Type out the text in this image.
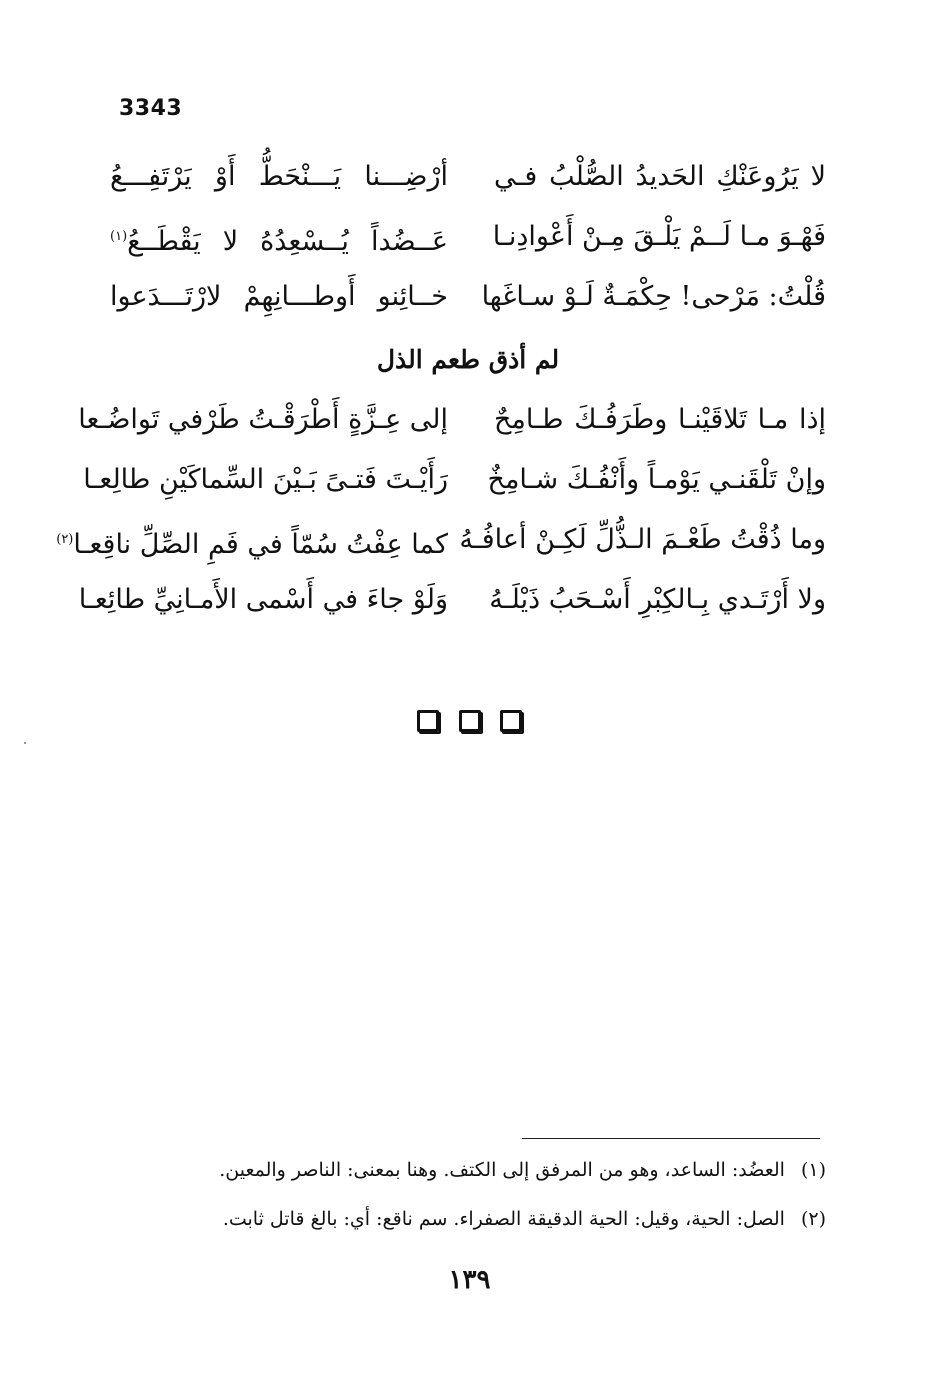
3343
لا يَرُوعَنْكِ الحَديدُ الصُّلْبُ فـي
أرْضِـــنا يَـــنْحَطُّ أَوْ يَرْتَفِـــعُ
فَهْـوَ مـا لَــمْ يَلْـقَ مِـنْ أَعْوادِنـا
عَــضُداً يُــسْعِدُهُ لا يَقْطَــعُ$^{(١)}$
قُلْتُ: مَرْحى! حِكْمَـةٌ لَـوْ سـاغَها
خــائِنو أَوطـــانِهِمْ لارْتَـــدَعوا
لم أذق طعم الذل
إذا مـا تَلاقَيْنـا وطَرَفُـكَ طـامِحٌ
إلى عِـزَّةٍ أَطْرَقْـتُ طَرْفي تَواضُـعا
وإنْ تَلْقَنـي يَوْمـاً وأَنْفُـكَ شـامِخٌ
رَأَيْـتَ فَتـىً بَـيْنَ السِّماكَيْنِ طالِعـا
وما ذُقْتُ طَعْـمَ الـذُّلِّ لَكِـنْ أعافُـهُ
كما عِفْتُ سُمّاً في فَمِ الصِّلِّ ناقِعـا$^{(٢)}$
ولا أَرْتَـدي بِـالكِبْرِ أَسْـحَبُ ذَيْلَـهُ
وَلَوْ جاءَ في أَسْمى الأَمـانِيِّ طائِعـا

(١)العضُد: الساعد، وهو من المرفق إلى الكتف. وهنا بمعنى: الناصر والمعين.
(٢)الصل: الحية، وقيل: الحية الدقيقة الصفراء. سم ناقع: أي: بالغ قاتل ثابت.
١٣٩
